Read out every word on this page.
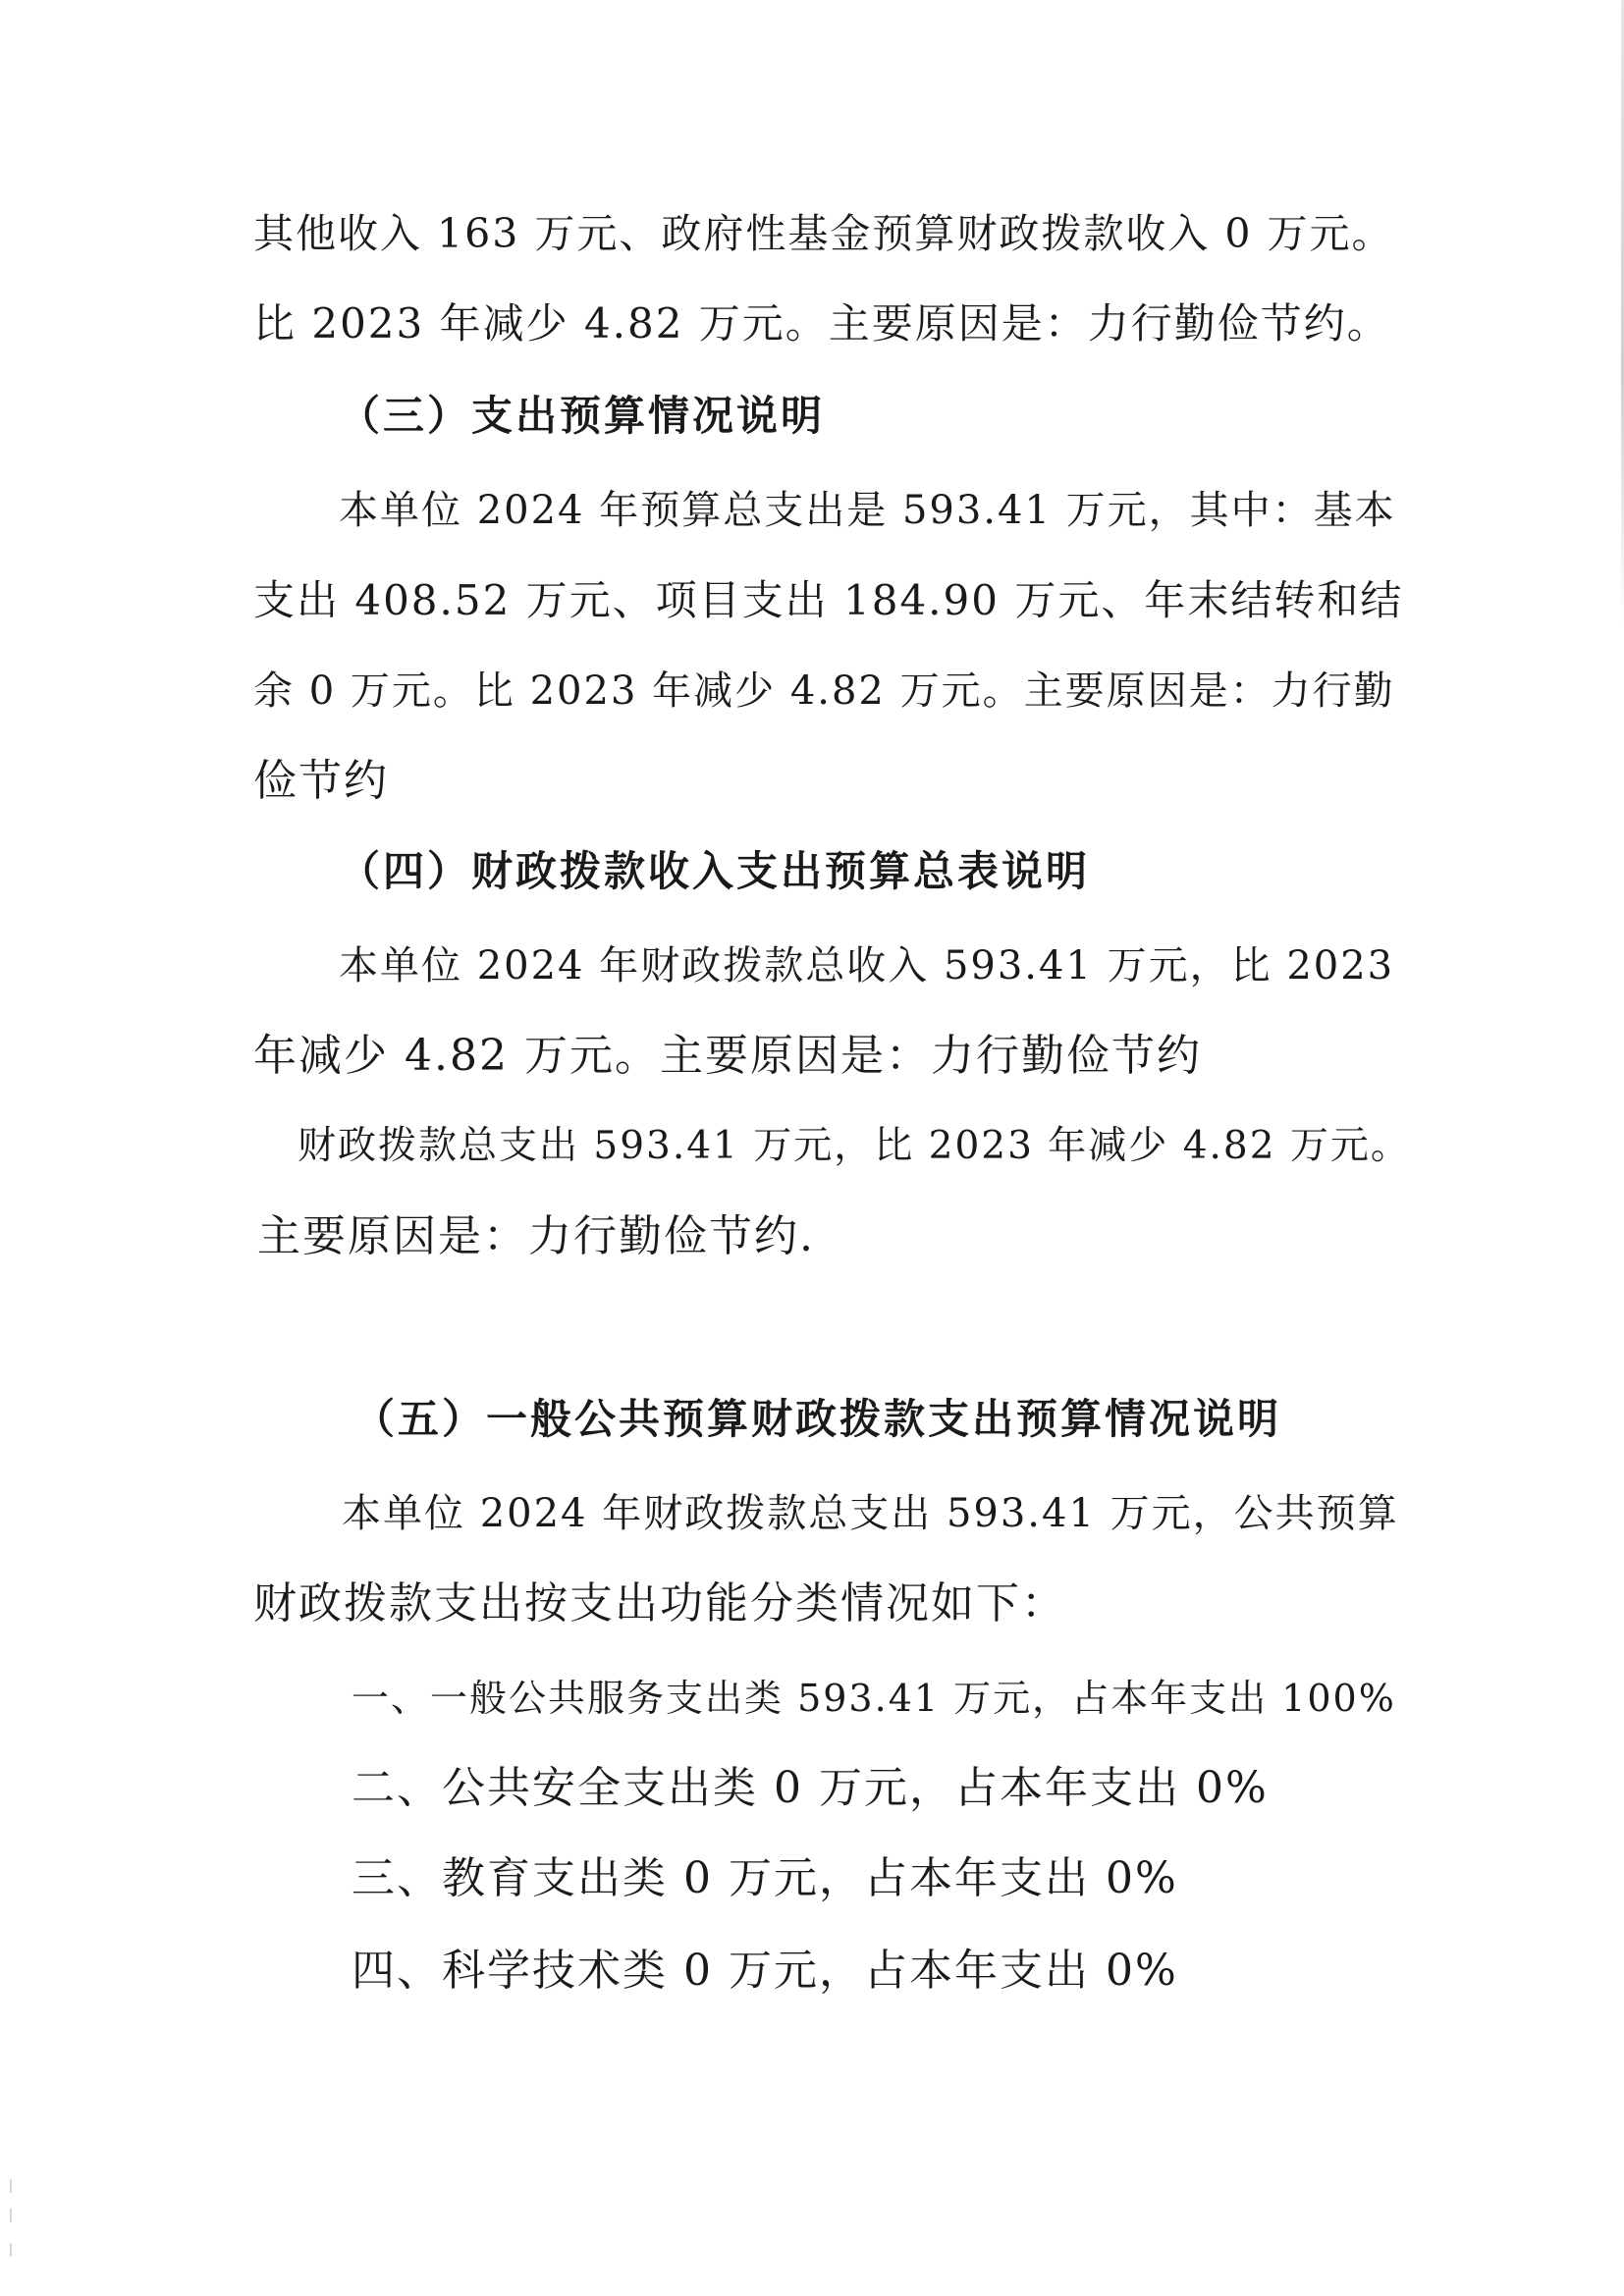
其他收入 163 万元、政府性基金预算财政拨款收入 0 万元。
比 2023 年减少 4.82 万元。主要原因是：力行勤俭节约。
（三）支出预算情况说明
本单位 2024 年预算总支出是 593.41 万元，其中：基本
支出 408.52 万元、项目支出 184.90 万元、年末结转和结
余 0 万元。比 2023 年减少 4.82 万元。主要原因是：力行勤
俭节约
（四）财政拨款收入支出预算总表说明
本单位 2024 年财政拨款总收入 593.41 万元，比 2023
年减少 4.82 万元。主要原因是：力行勤俭节约
财政拨款总支出 593.41 万元，比 2023 年减少 4.82 万元。
主要原因是：力行勤俭节约.
（五）一般公共预算财政拨款支出预算情况说明
本单位 2024 年财政拨款总支出 593.41 万元，公共预算
财政拨款支出按支出功能分类情况如下：
一、一般公共服务支出类 593.41 万元，占本年支出 100%
二、公共安全支出类 0 万元，占本年支出 0%
三、教育支出类 0 万元，占本年支出 0%
四、科学技术类 0 万元，占本年支出 0%
